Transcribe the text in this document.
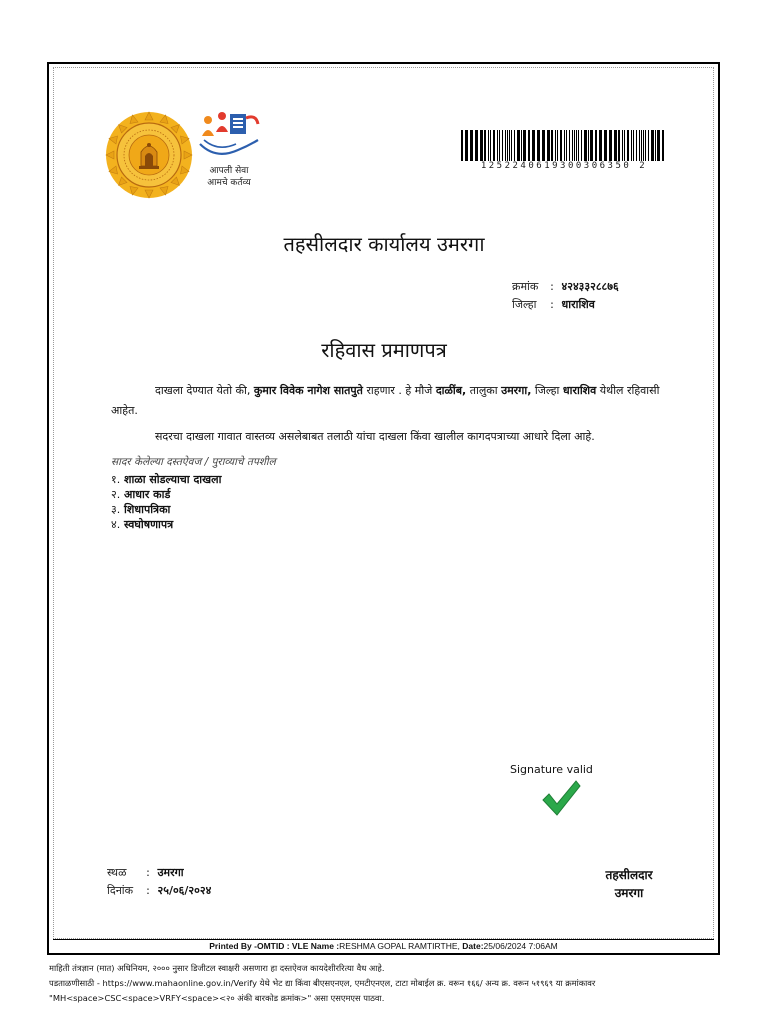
आपली सेवा
आमचे कर्तव्य
1252240619300306350 2
तहसीलदार कार्यालय उमरगा
क्रमांक : ४२४३३२८८७६
जिल्हा : धाराशिव
रहिवास प्रमाणपत्र
दाखला देण्यात येतो की, कुमार विवेक नागेश सातपुते राहणार . हे मौजे दाळींब, तालुका उमरगा, जिल्हा धाराशिव येथील रहिवासी आहेत.
सदरचा दाखला गावात वास्तव्य असलेबाबत तलाठी यांचा दाखला किंवा खालील कागदपत्राच्या आधारे दिला आहे.
सादर केलेल्या दस्तऐवज / पुराव्याचे तपशील
१. शाळा सोडल्याचा दाखला
२. आधार कार्ड
३. शिधापत्रिका
४. स्वघोषणापत्र
Signature valid
स्थळ : उमरगा
दिनांक : २५/०६/२०२४
तहसीलदार
उमरगा
Printed By -OMTID : VLE Name :RESHMA GOPAL RAMTIRTHE, Date:25/06/2024 7:06AM
माहिती तंत्रज्ञान (मात) अधिनियम, २००० नुसार डिजीटल स्वाक्षरी असणारा हा दस्तऐवज कायदेशीररित्या वैध आहे.
पडताळणीसाठी - https://www.mahaonline.gov.in/Verify येथे भेट द्या किंवा बीएसएनएल, एमटीएनएल, टाटा मोबाईल क्र. वरून १६६/ अन्य क्र. वरून ५१९६९ या क्रमांकावर
"MH<space>CSC<space>VRFY<space><२० अंकी बारकोड क्रमांक>" असा एसएमएस पाठवा.
